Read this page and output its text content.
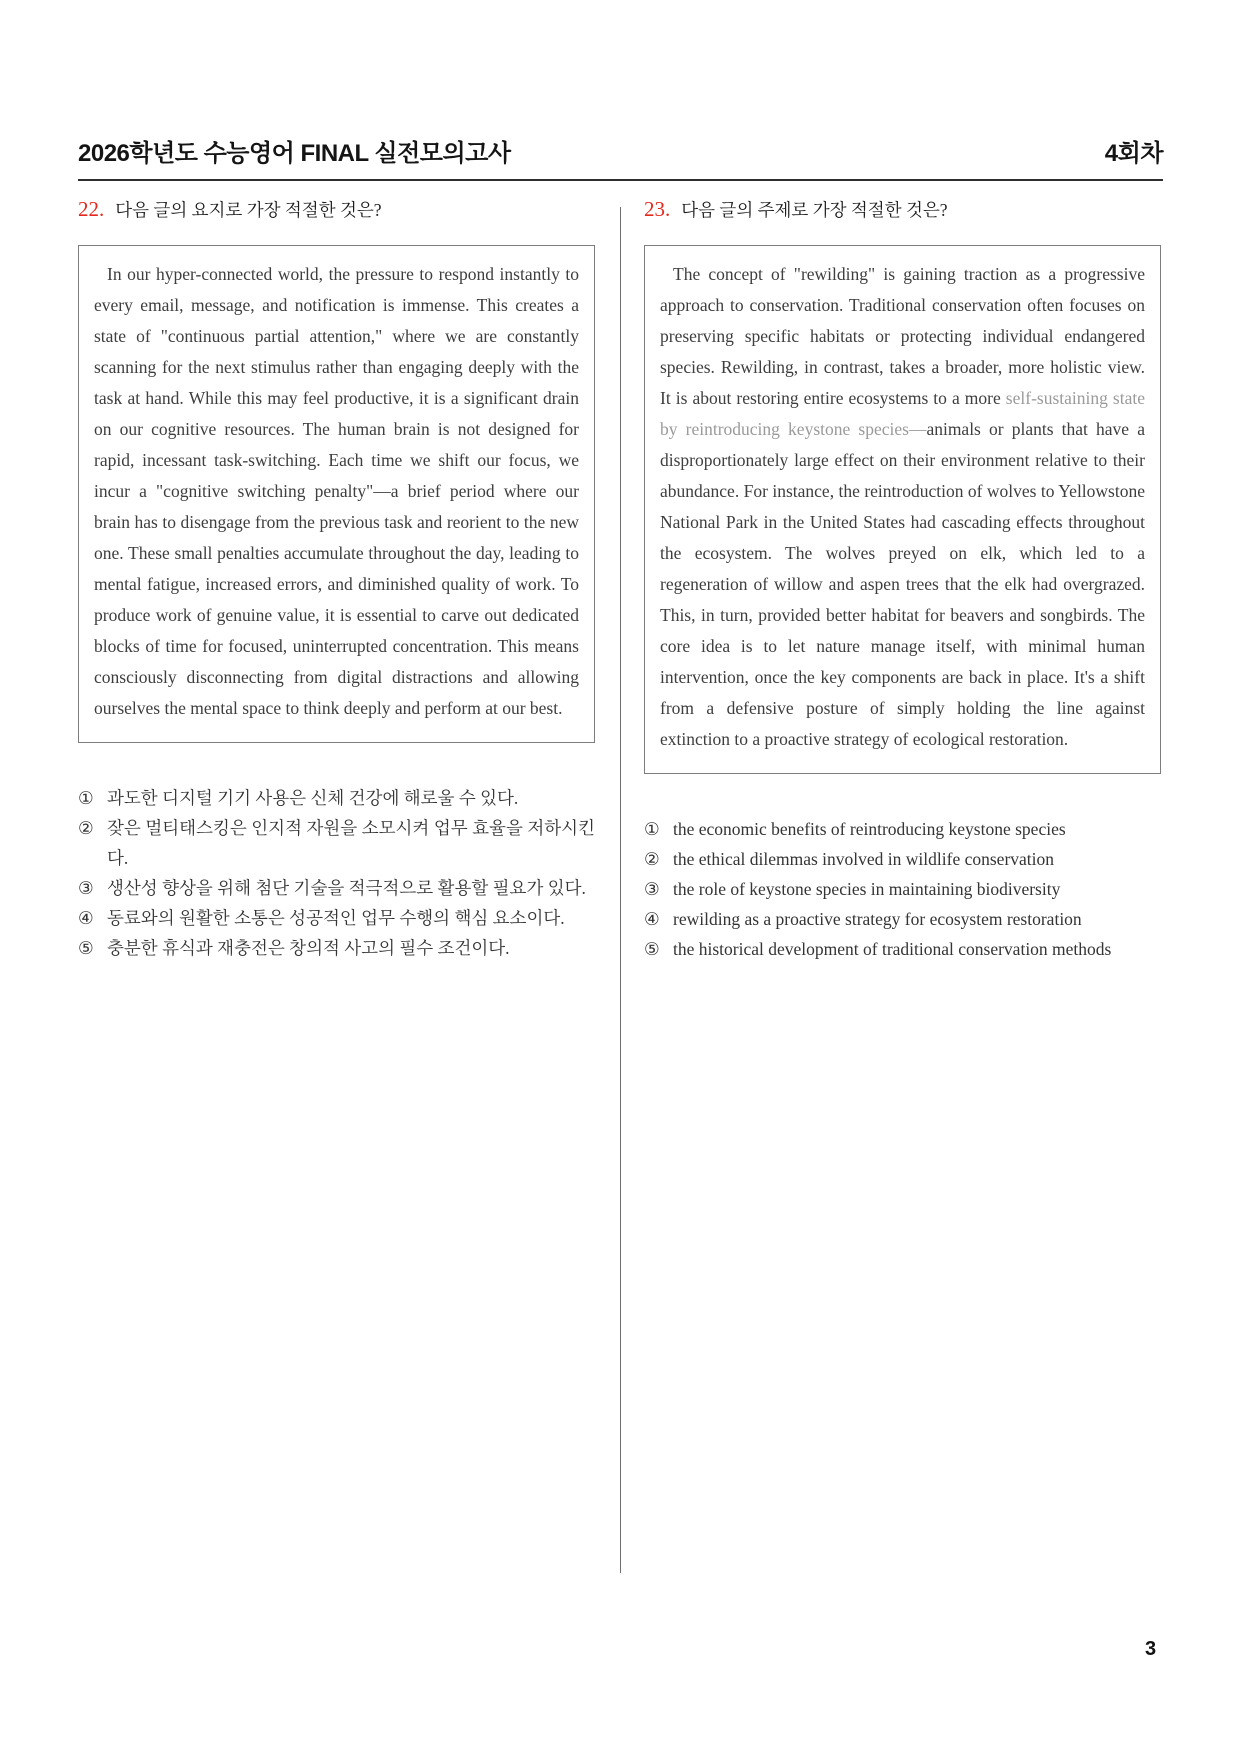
2026학년도 수능영어 FINAL 실전모의고사	4회차
22. 다음 글의 요지로 가장 적절한 것은?

In our hyper-connected world, the pressure to respond instantly to every email, message, and notification is immense. This creates a state of "continuous partial attention," where we are constantly scanning for the next stimulus rather than engaging deeply with the task at hand. While this may feel productive, it is a significant drain on our cognitive resources. The human brain is not designed for rapid, incessant task-switching. Each time we shift our focus, we incur a "cognitive switching penalty"—a brief period where our brain has to disengage from the previous task and reorient to the new one. These small penalties accumulate throughout the day, leading to mental fatigue, increased errors, and diminished quality of work. To produce work of genuine value, it is essential to carve out dedicated blocks of time for focused, uninterrupted concentration. This means consciously disconnecting from digital distractions and allowing ourselves the mental space to think deeply and perform at our best.

① 과도한 디지털 기기 사용은 신체 건강에 해로울 수 있다.
② 잦은 멀티태스킹은 인지적 자원을 소모시켜 업무 효율을 저하시킨다.
③ 생산성 향상을 위해 첨단 기술을 적극적으로 활용할 필요가 있다.
④ 동료와의 원활한 소통은 성공적인 업무 수행의 핵심 요소이다.
⑤ 충분한 휴식과 재충전은 창의적 사고의 필수 조건이다.
23. 다음 글의 주제로 가장 적절한 것은?

The concept of "rewilding" is gaining traction as a progressive approach to conservation. Traditional conservation often focuses on preserving specific habitats or protecting individual endangered species. Rewilding, in contrast, takes a broader, more holistic view. It is about restoring entire ecosystems to a more self-sustaining state by reintroducing keystone species—animals or plants that have a disproportionately large effect on their environment relative to their abundance. For instance, the reintroduction of wolves to Yellowstone National Park in the United States had cascading effects throughout the ecosystem. The wolves preyed on elk, which led to a regeneration of willow and aspen trees that the elk had overgrazed. This, in turn, provided better habitat for beavers and songbirds. The core idea is to let nature manage itself, with minimal human intervention, once the key components are back in place. It's a shift from a defensive posture of simply holding the line against extinction to a proactive strategy of ecological restoration.

① the economic benefits of reintroducing keystone species
② the ethical dilemmas involved in wildlife conservation
③ the role of keystone species in maintaining biodiversity
④ rewilding as a proactive strategy for ecosystem restoration
⑤ the historical development of traditional conservation methods
3
